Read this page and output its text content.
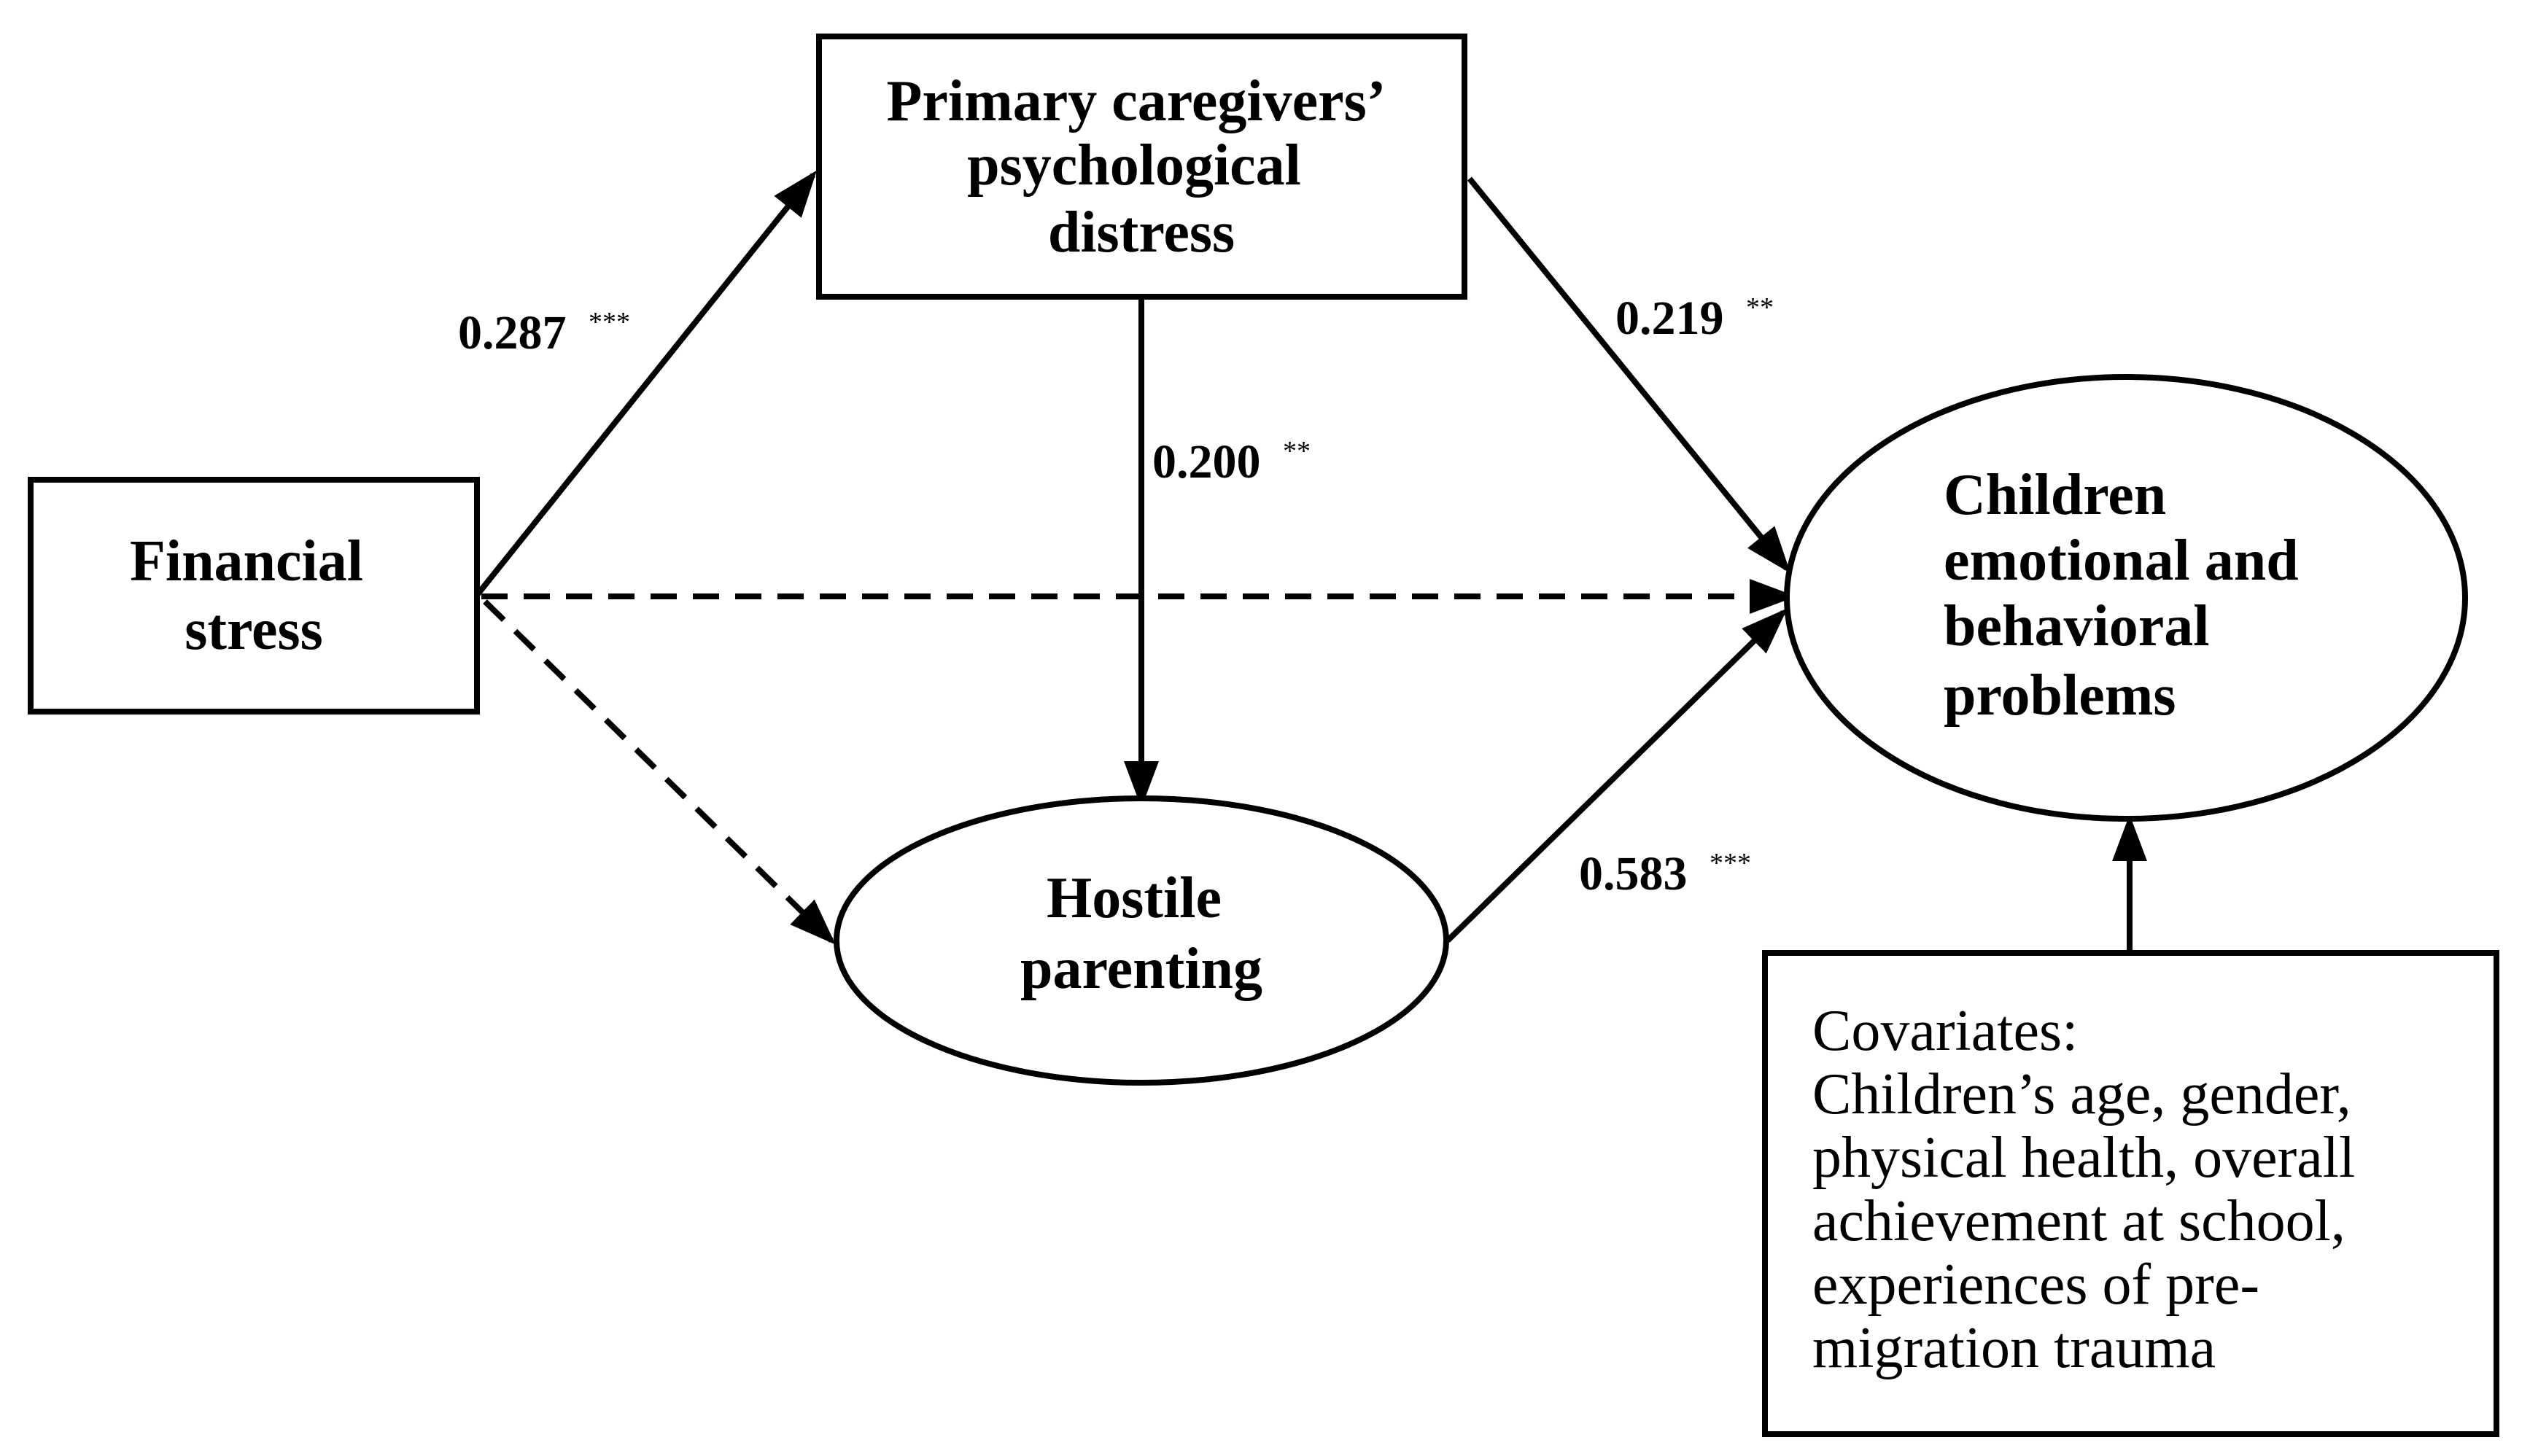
Financial stress
Primary caregivers’ psychological distress
Hostile parenting
Children emotional and behavioral problems
Covariates: Children’s age, gender, physical health, overall achievement at school, experiences of pre- migration trauma
0.287 ***
0.200 **
0.219 **
0.583 ***
